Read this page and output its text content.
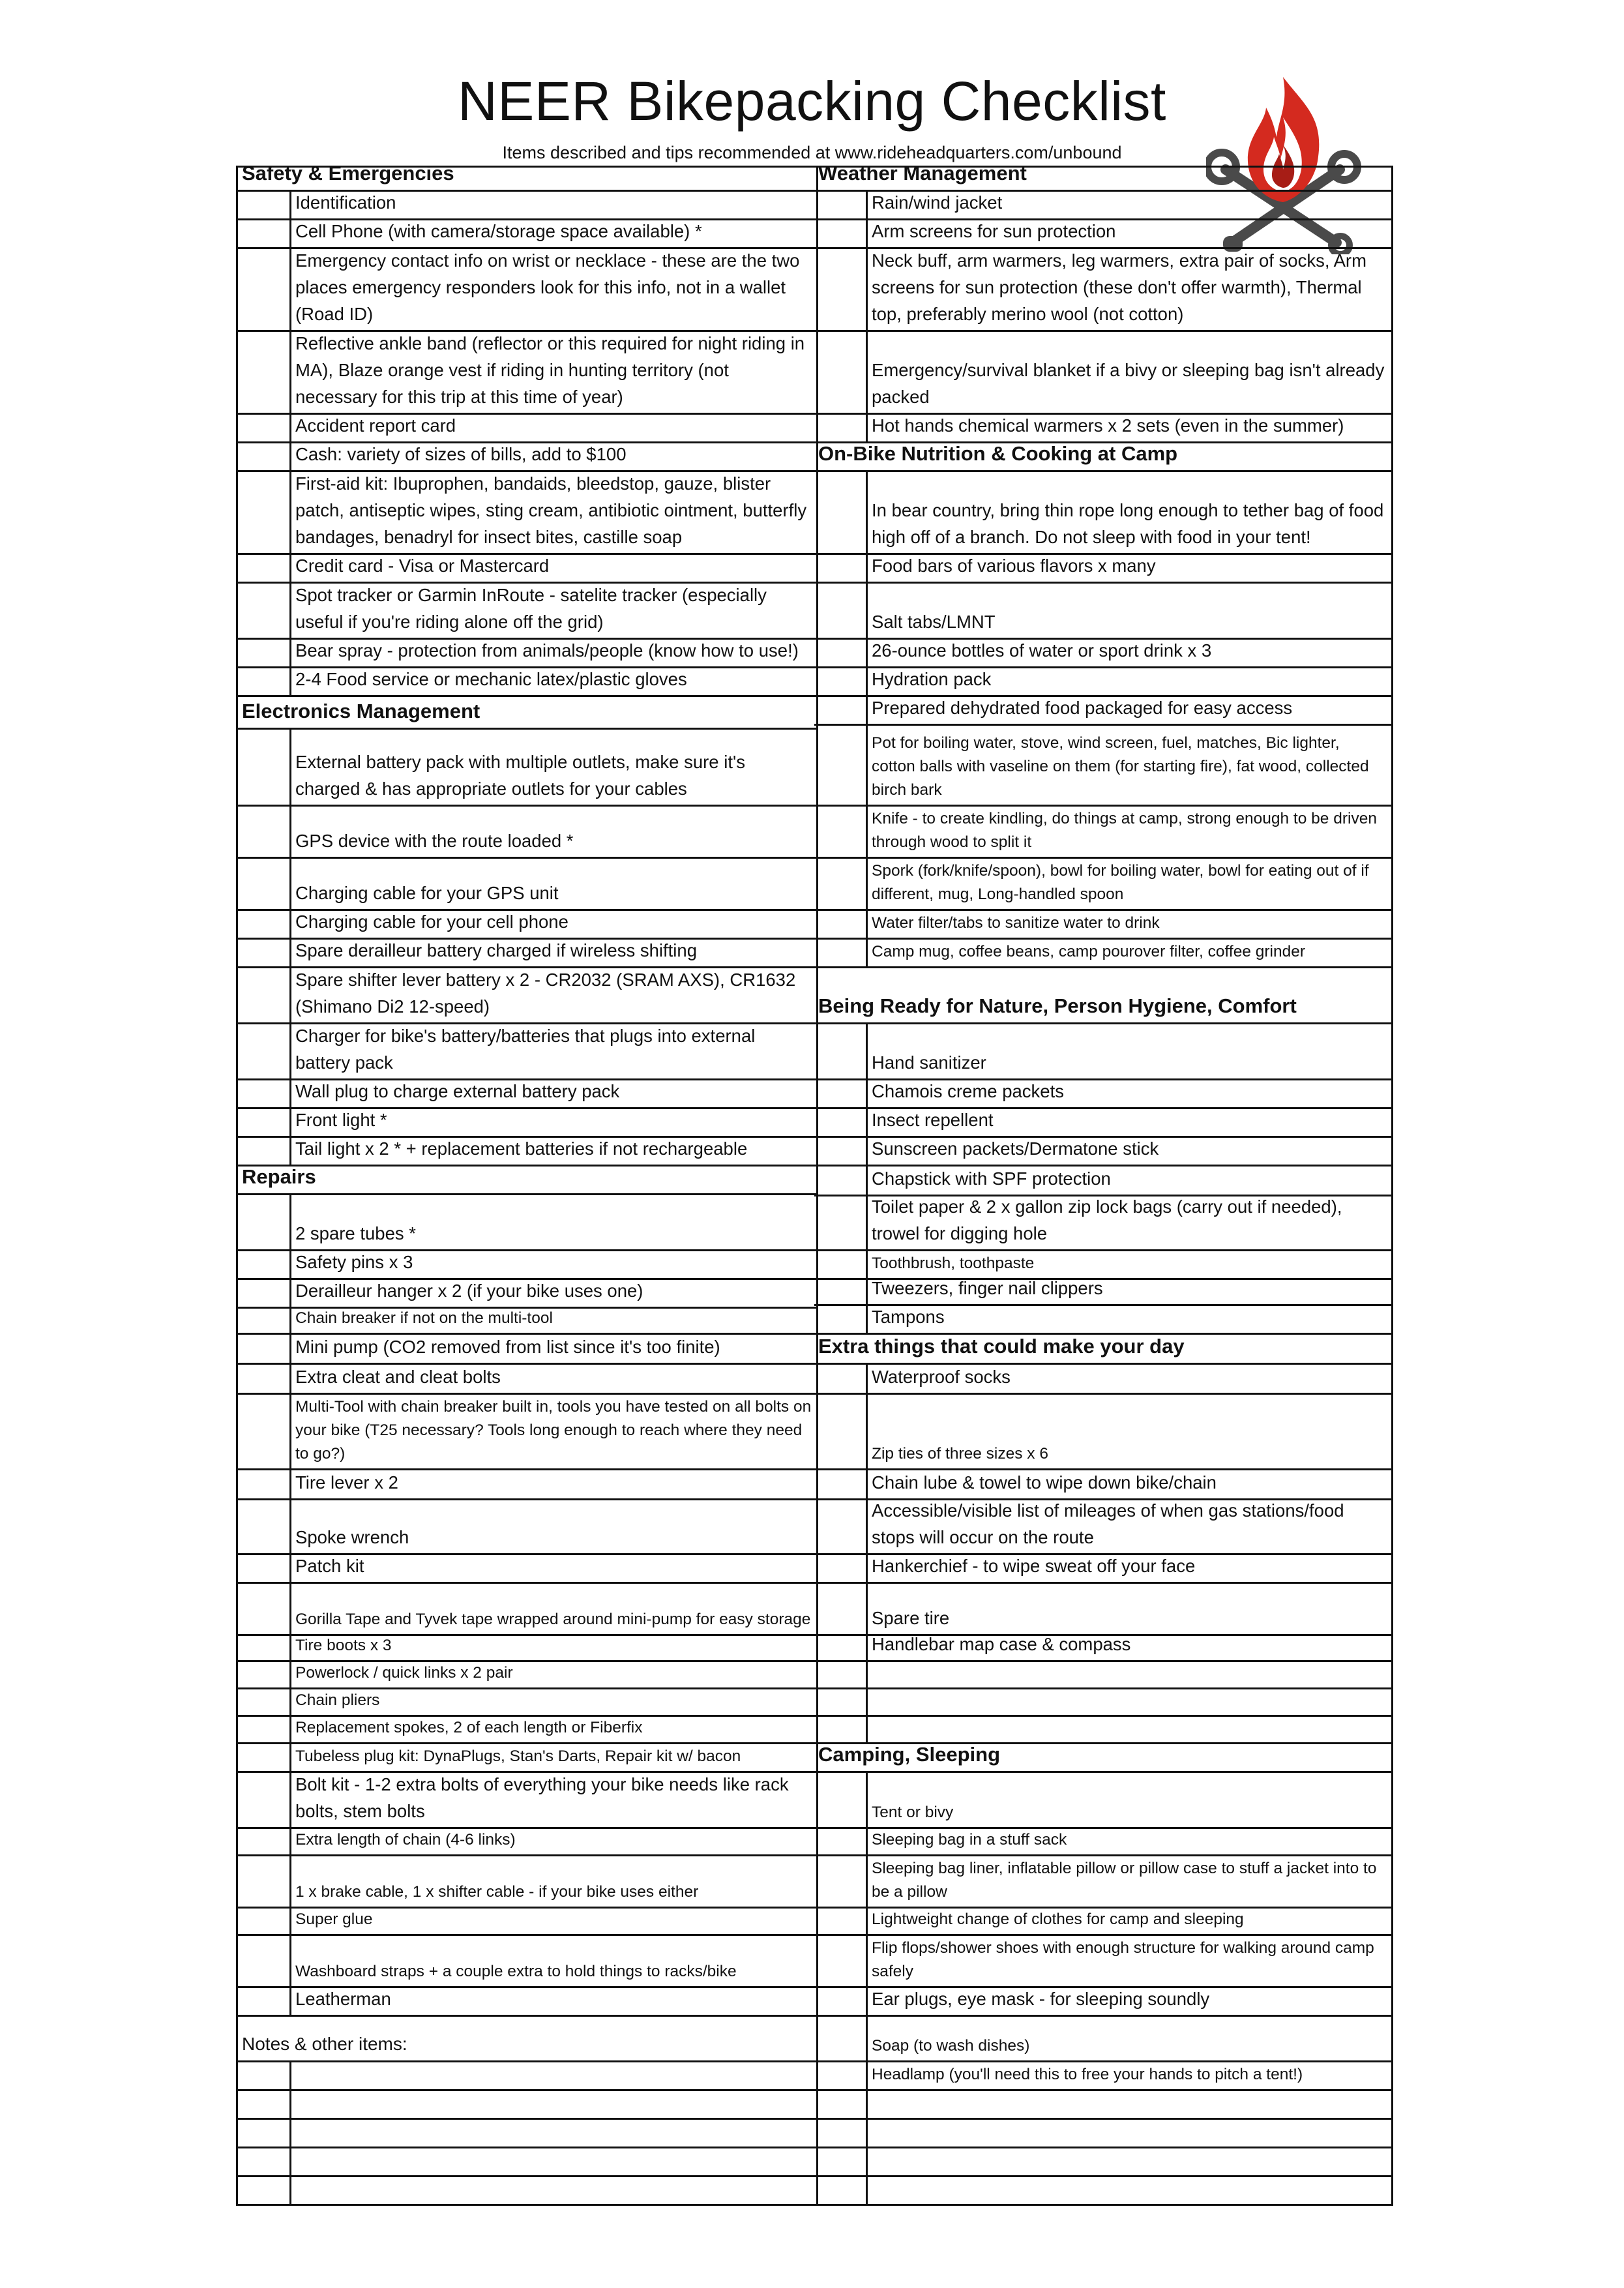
NEER Bikepacking Checklist
Items described and tips recommended at www.rideheadquarters.com/unbound
Safety & Emergencies
Identification
Cell Phone (with camera/storage space available) *
Emergency contact info on wrist or necklace - these are the two places emergency responders look for this info, not in a wallet (Road ID)
Reflective ankle band (reflector or this required for night riding in MA), Blaze orange vest if riding in hunting territory (not necessary for this trip at this time of year)
Accident report card
Cash: variety of sizes of bills, add to $100
First-aid kit: Ibuprophen, bandaids, bleedstop, gauze, blister patch, antiseptic wipes, sting cream, antibiotic ointment, butterfly bandages, benadryl for insect bites, castille soap
Credit card - Visa or Mastercard
Spot tracker or Garmin InRoute - satelite tracker (especially useful if you're riding alone off the grid)
Bear spray - protection from animals/people (know how to use!)
2-4 Food service or mechanic latex/plastic gloves
Electronics Management
External battery pack with multiple outlets, make sure it's charged & has appropriate outlets for your cables
GPS device with the route loaded *
Charging cable for your GPS unit
Charging cable for your cell phone
Spare derailleur battery charged if wireless shifting
Spare shifter lever battery x 2 - CR2032 (SRAM AXS), CR1632 (Shimano Di2 12-speed)
Charger for bike's battery/batteries that plugs into external battery pack
Wall plug to charge external battery pack
Front light *
Tail light x 2 * + replacement batteries if not rechargeable
Repairs
2 spare tubes *
Safety pins x 3
Derailleur hanger x 2 (if your bike uses one)
Chain breaker if not on the multi-tool
Mini pump (CO2 removed from list since it's too finite)
Extra cleat and cleat bolts
Multi-Tool with chain breaker built in, tools you have tested on all bolts on your bike (T25 necessary? Tools long enough to reach where they need to go?)
Tire lever x 2
Spoke wrench
Patch kit
Gorilla Tape and Tyvek tape wrapped around mini-pump for easy storage
Tire boots x 3
Powerlock / quick links x 2 pair
Chain pliers
Replacement spokes, 2 of each length or Fiberfix
Tubeless plug kit: DynaPlugs, Stan's Darts, Repair kit w/ bacon
Bolt kit - 1-2 extra bolts of everything your bike needs like rack bolts, stem bolts
Extra length of chain (4-6 links)
1 x brake cable, 1 x shifter cable - if your bike uses either
Super glue
Washboard straps + a couple extra to hold things to racks/bike
Leatherman
Notes & other items:
Weather Management
Rain/wind jacket
Arm screens for sun protection
Neck buff, arm warmers, leg warmers, extra pair of socks, Arm screens for sun protection (these don't offer warmth), Thermal top, preferably merino wool (not cotton)
Emergency/survival blanket if a bivy or sleeping bag isn't already packed
Hot hands chemical warmers x 2 sets (even in the summer)
On-Bike Nutrition & Cooking at Camp
In bear country, bring thin rope long enough to tether bag of food high off of a branch. Do not sleep with food in your tent!
Food bars of various flavors x many
Salt tabs/LMNT
26-ounce bottles of water or sport drink x 3
Hydration pack
Prepared dehydrated food packaged for easy access
Pot for boiling water, stove, wind screen, fuel, matches, Bic lighter, cotton balls with vaseline on them (for starting fire), fat wood, collected birch bark
Knife - to create kindling, do things at camp, strong enough to be driven through wood to split it
Spork (fork/knife/spoon), bowl for boiling water, bowl for eating out of if different, mug, Long-handled spoon
Water filter/tabs to sanitize water to drink
Camp mug, coffee beans, camp pourover filter, coffee grinder
Being Ready for Nature, Person Hygiene, Comfort
Hand sanitizer
Chamois creme packets
Insect repellent
Sunscreen packets/Dermatone stick
Chapstick with SPF protection
Toilet paper & 2 x gallon zip lock bags (carry out if needed), trowel for digging hole
Toothbrush, toothpaste
Tweezers, finger nail clippers
Tampons
Extra things that could make your day
Waterproof socks
Zip ties of three sizes x 6
Chain lube & towel to wipe down bike/chain
Accessible/visible list of mileages of when gas stations/food stops will occur on the route
Hankerchief - to wipe sweat off your face
Spare tire
Handlebar map case & compass
Camping, Sleeping
Tent or bivy
Sleeping bag in a stuff sack
Sleeping bag liner, inflatable pillow or pillow case to stuff a jacket into to be a pillow
Lightweight change of clothes for camp and sleeping
Flip flops/shower shoes with enough structure for walking around camp safely
Ear plugs, eye mask - for sleeping soundly
Soap (to wash dishes)
Headlamp (you'll need this to free your hands to pitch a tent!)
